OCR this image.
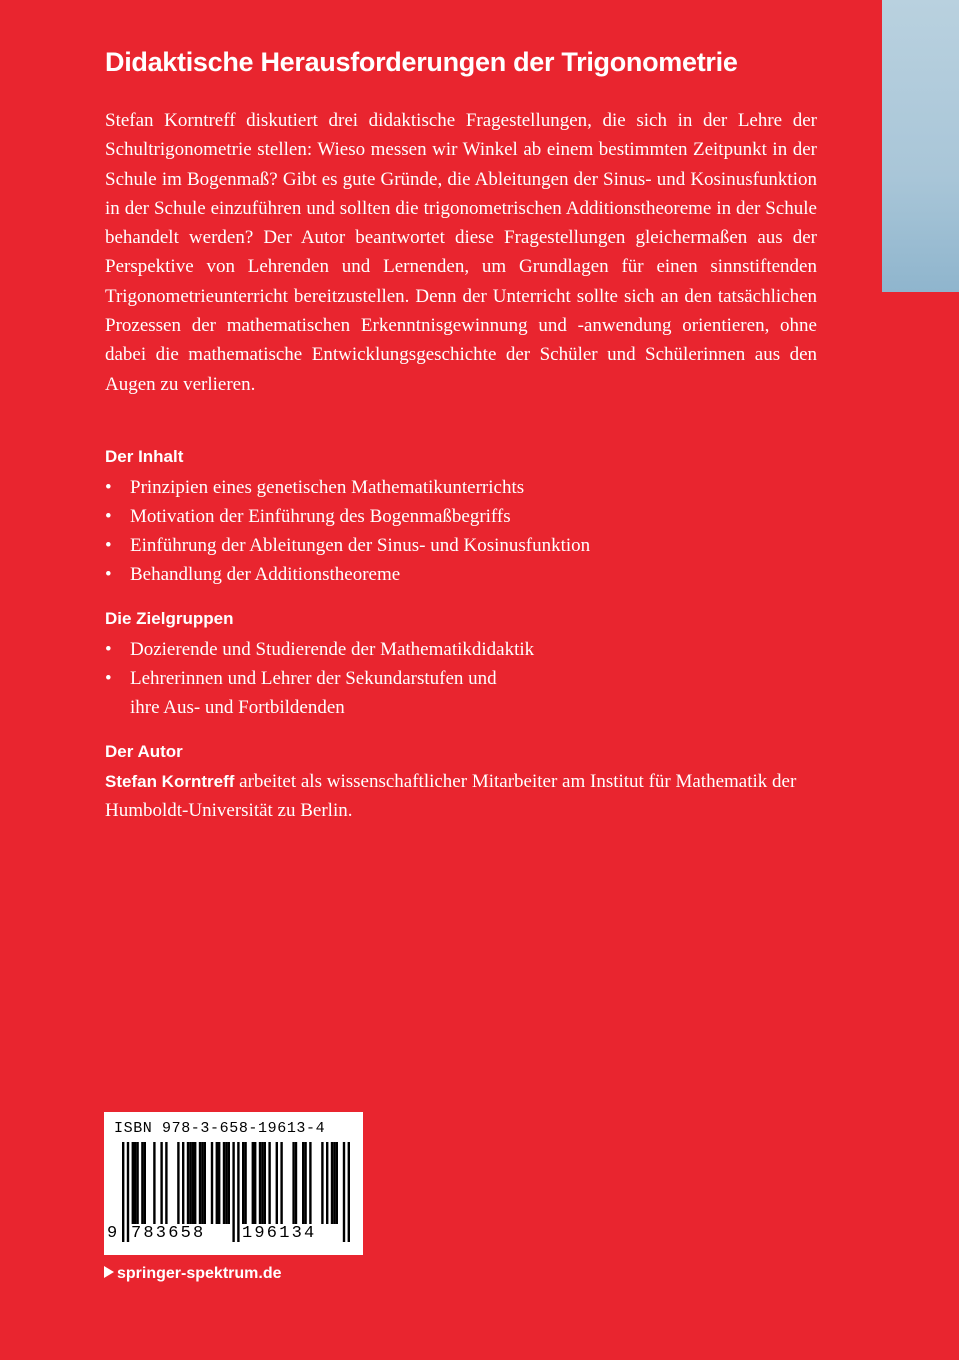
Didaktische Herausforderungen der Trigonometrie

Stefan Korntreff diskutiert drei didaktische Fragestellungen, die sich in der Lehre der Schultrigonometrie stellen: Wieso messen wir Winkel ab einem bestimmten Zeitpunkt in der Schule im Bogenmaß? Gibt es gute Gründe, die Ableitungen der Sinus- und Kosinusfunktion in der Schule einzuführen und sollten die trigonometrischen Additionstheoreme in der Schule behandelt werden? Der Autor beantwortet diese Fragestellungen gleichermaßen aus der Perspektive von Lehrenden und Lernenden, um Grundlagen für einen sinnstiftenden Trigonometrieunterricht bereitzustellen. Denn der Unterricht sollte sich an den tatsächlichen Prozessen der mathematischen Erkenntnisgewinnung und -anwendung orientieren, ohne dabei die mathematische Entwicklungsgeschichte der Schüler und Schülerinnen aus den Augen zu verlieren.

Der Inhalt
• Prinzipien eines genetischen Mathematikunterrichts
• Motivation der Einführung des Bogenmaßbegriffs
• Einführung der Ableitungen der Sinus- und Kosinusfunktion
• Behandlung der Additionstheoreme
Die Zielgruppen
• Dozierende und Studierende der Mathematikdidaktik
• Lehrerinnen und Lehrer der Sekundarstufen und ihre Aus- und Fortbildenden
Der Autor

Stefan Korntreff arbeitet als wissenschaftlicher Mitarbeiter am Institut für Mathematik der Humboldt-Universität zu Berlin.

ISBN 978-3-658-19613-4
9 783658 196134
springer-spektrum.de
